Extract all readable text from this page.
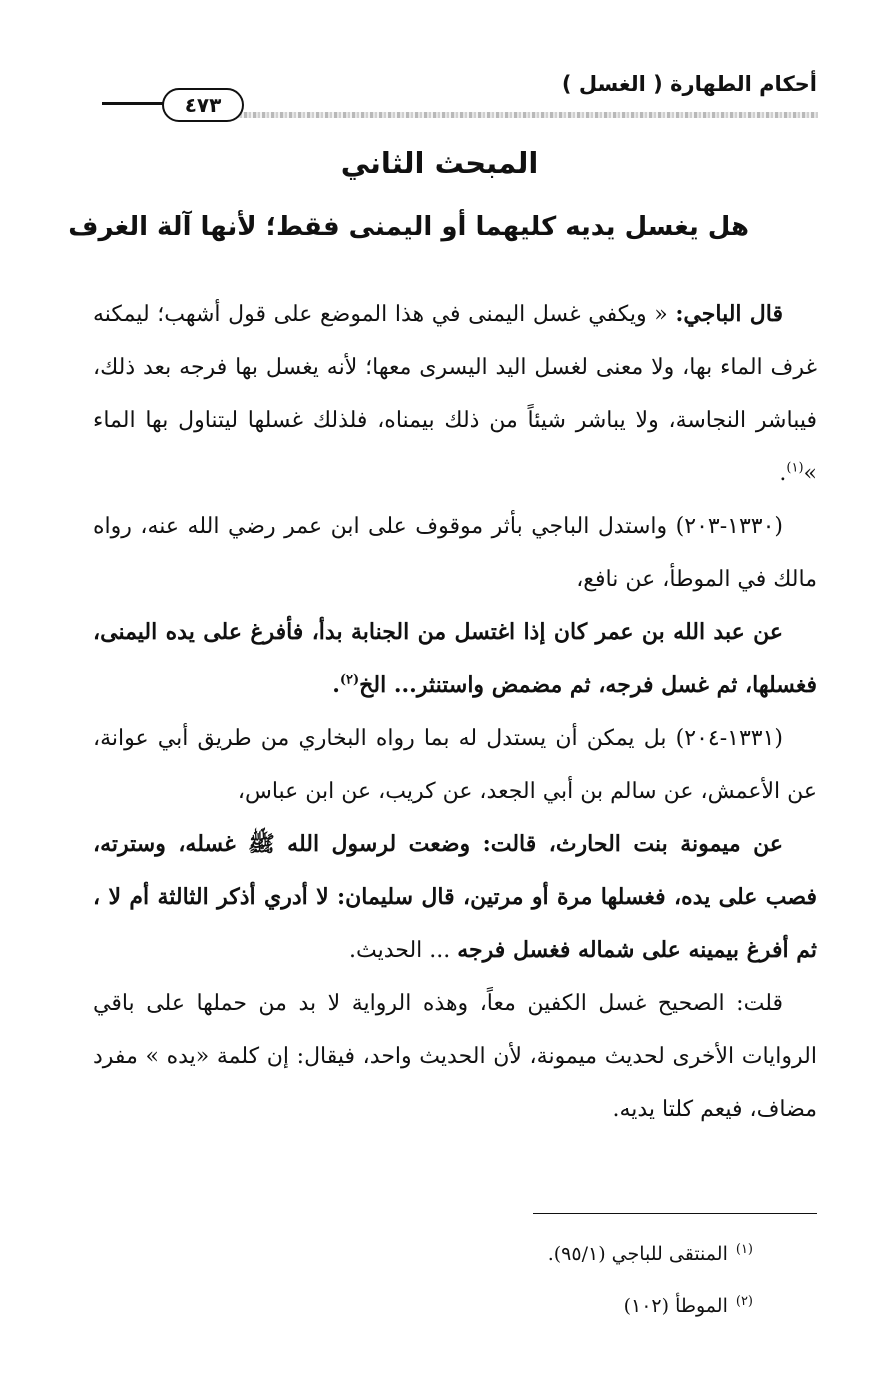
أحكام الطهارة ( الغسل )
٤٧٣
المبحث الثاني
هل يغسل يديه كليهما أو اليمنى فقط؛ لأنها آلة الغرف

قال الباجي: « ويكفي غسل اليمنى في هذا الموضع على قول أشهب؛ ليمكنه غرف الماء بها، ولا معنى لغسل اليد اليسرى معها؛ لأنه يغسل بها فرجه بعد ذلك، فيباشر النجاسة، ولا يباشر شيئاً من ذلك بيمناه، فلذلك غسلها ليتناول بها الماء »$^{(١)}$.

(١٣٣٠-٢٠٣) واستدل الباجي بأثر موقوف على ابن عمر رضي الله عنه، رواه مالك في الموطأ، عن نافع،

عن عبد الله بن عمر كان إذا اغتسل من الجنابة بدأ، فأفرغ على يده اليمنى، فغسلها، ثم غسل فرجه، ثم مضمض واستنثر... الخ$^{(٢)}$.

(١٣٣١-٢٠٤) بل يمكن أن يستدل له بما رواه البخاري من طريق أبي عوانة، عن الأعمش، عن سالم بن أبي الجعد، عن كريب، عن ابن عباس،

عن ميمونة بنت الحارث، قالت: وضعت لرسول الله ﷺ غسله، وسترته، فصب على يده، فغسلها مرة أو مرتين، قال سليمان: لا أدري أذكر الثالثة أم لا ، ثم أفرغ بيمينه على شماله فغسل فرجه ... الحديث.

قلت: الصحيح غسل الكفين معاً، وهذه الرواية لا بد من حملها على باقي الروايات الأخرى لحديث ميمونة، لأن الحديث واحد، فيقال: إن كلمة «يده » مفرد مضاف، فيعم كلتا يديه.

$^{(١)}$المنتقى للباجي (٩٥/١).
$^{(٢)}$الموطأ (١٠٢)
